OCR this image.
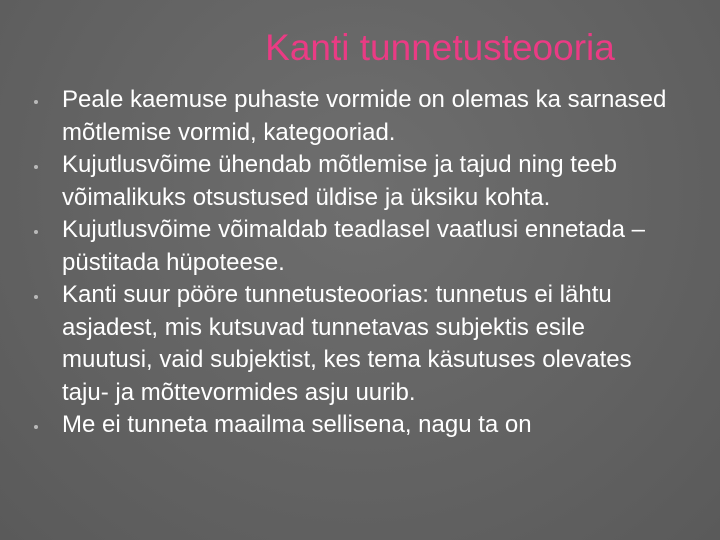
Kanti tunnetusteooria
Peale kaemuse puhaste vormide on olemas ka sarnased mõtlemise vormid, kategooriad.
Kujutlusvõime ühendab mõtlemise ja tajud ning teeb võimalikuks otsustused üldise ja üksiku kohta.
Kujutlusvõime võimaldab teadlasel vaatlusi ennetada – püstitada hüpoteese.
Kanti suur pööre tunnetusteoorias: tunnetus ei lähtu asjadest, mis kutsuvad tunnetavas subjektis esile muutusi, vaid subjektist, kes tema käsutuses olevates taju- ja mõttevormides asju uurib.
Me ei tunneta maailma sellisena, nagu ta on
